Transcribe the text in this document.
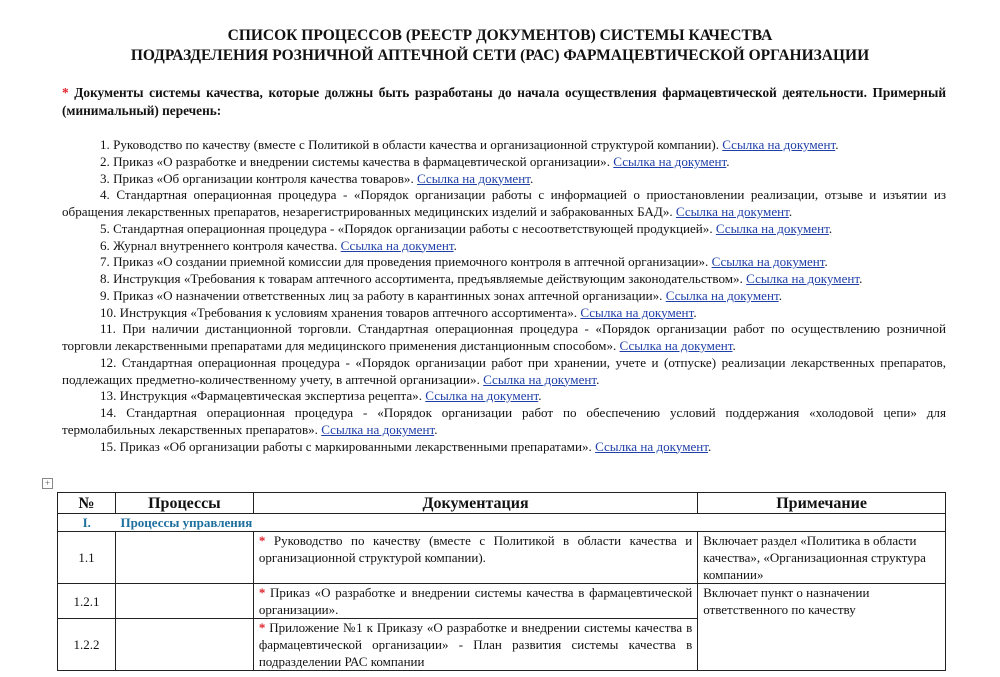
СПИСОК ПРОЦЕССОВ (РЕЕСТР ДОКУМЕНТОВ) СИСТЕМЫ КАЧЕСТВА
ПОДРАЗДЕЛЕНИЯ РОЗНИЧНОЙ АПТЕЧНОЙ СЕТИ (РАС) ФАРМАЦЕВТИЧЕСКОЙ ОРГАНИЗАЦИИ
* Документы системы качества, которые должны быть разработаны до начала осуществления фармацевтической деятельности. Примерный (минимальный) перечень:

1. Руководство по качеству (вместе с Политикой в области качества и организационной структурой компании). Ссылка на документ.

2. Приказ «О разработке и внедрении системы качества в фармацевтической организации». Ссылка на документ.

3. Приказ «Об организации контроля качества товаров». Ссылка на документ.

4. Стандартная операционная процедура - «Порядок организации работы с информацией о приостановлении реализации, отзыве и изъятии из обращения лекарственных препаратов, незарегистрированных медицинских изделий и забракованных БАД». Ссылка на документ.

5. Стандартная операционная процедура - «Порядок организации работы с несоответствующей продукцией». Ссылка на документ.

6. Журнал внутреннего контроля качества. Ссылка на документ.

7. Приказ «О создании приемной комиссии для проведения приемочного контроля в аптечной организации». Ссылка на документ.

8. Инструкция «Требования к товарам аптечного ассортимента, предъявляемые действующим законодательством». Ссылка на документ.

9. Приказ «О назначении ответственных лиц за работу в карантинных зонах аптечной организации». Ссылка на документ.

10. Инструкция «Требования к условиям хранения товаров аптечного ассортимента». Ссылка на документ.

11. При наличии дистанционной торговли. Стандартная операционная процедура - «Порядок организации работ по осуществлению розничной торговли лекарственными препаратами для медицинского применения дистанционным способом». Ссылка на документ.

12. Стандартная операционная процедура - «Порядок организации работ при хранении, учете и (отпуске) реализации лекарственных препаратов, подлежащих предметно-количественному учету, в аптечной организации». Ссылка на документ.

13. Инструкция «Фармацевтическая экспертиза рецепта». Ссылка на документ.

14. Стандартная операционная процедура - «Порядок организации работ по обеспечению условий поддержания «холодовой цепи» для термолабильных лекарственных препаратов». Ссылка на документ.

15. Приказ «Об организации работы с маркированными лекарственными препаратами». Ссылка на документ.

+
№	Процессы	Документация	Примечание
I.	Процессы управления		
1.1		* Руководство по качеству (вместе с Политикой в области качества и организационной структурой компании).	Включает раздел «Политика в области качества», «Организационная структура компании»
1.2.1		* Приказ «О разработке и внедрении системы качества в фармацевтической организации».	Включает пункт о назначении ответственного по качеству
1.2.2		* Приложение №1 к Приказу «О разработке и внедрении системы качества в фармацевтической организации» - План развития системы качества в подразделении РАС компании	
